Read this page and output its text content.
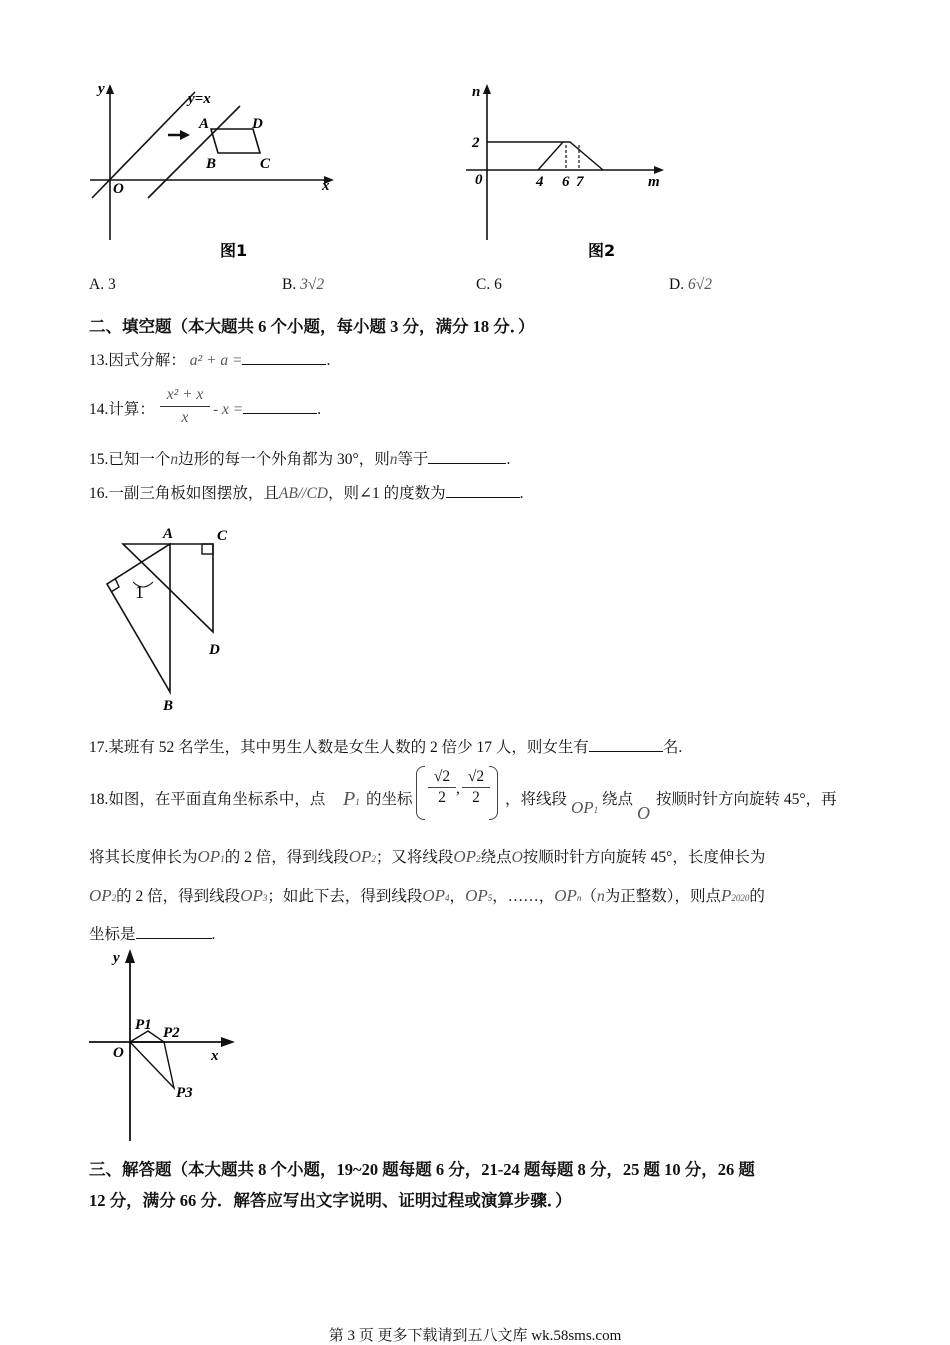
y
x
O
y=x
A	D
B	C
图1
n
m
0
2
4 6 7
图2
A. 3	B. 3√2	C. 6	D. 6√2
二、填空题（本大题共 6 个小题，每小题 3 分，满分 18 分．）
13.因式分解： a² + a =	.
14.计算：
x² + x
x	- x =	.
15.已知一个n边形的每一个外角都为 30°，则n等于	.
16.一副三角板如图摆放，且AB//CD，则∠1 的度数为	.
A	C
1
D
B
17.某班有 52 名学生，其中男生人数是女生人数的 2 倍少 17 人，则女生有	名.
18.如图，在平面直角坐标系中，点 P1 的坐标
√2
2
,
√2
2	，将线段 OP1
绕点
O
按顺时针方向旋转 45°，再
将其长度伸长为OP1的 2 倍，得到线段OP2；又将线段OP2绕点O按顺时针方向旋转 45°，长度伸长为
OP2的 2 倍，得到线段OP3；如此下去，得到线段OP4，OP5，……，OPn（n为正整数），则点P2020的
坐标是	.
y
x
O
P1 P2
P3
三、解答题（本大题共 8 个小题，19~20 题每题 6 分，21-24 题每题 8 分，25 题 10 分，26 题
12 分，满分 66 分．解答应写出文字说明、证明过程或演算步骤．）
第 3 页 更多下载请到五八文库 wk.58sms.com
